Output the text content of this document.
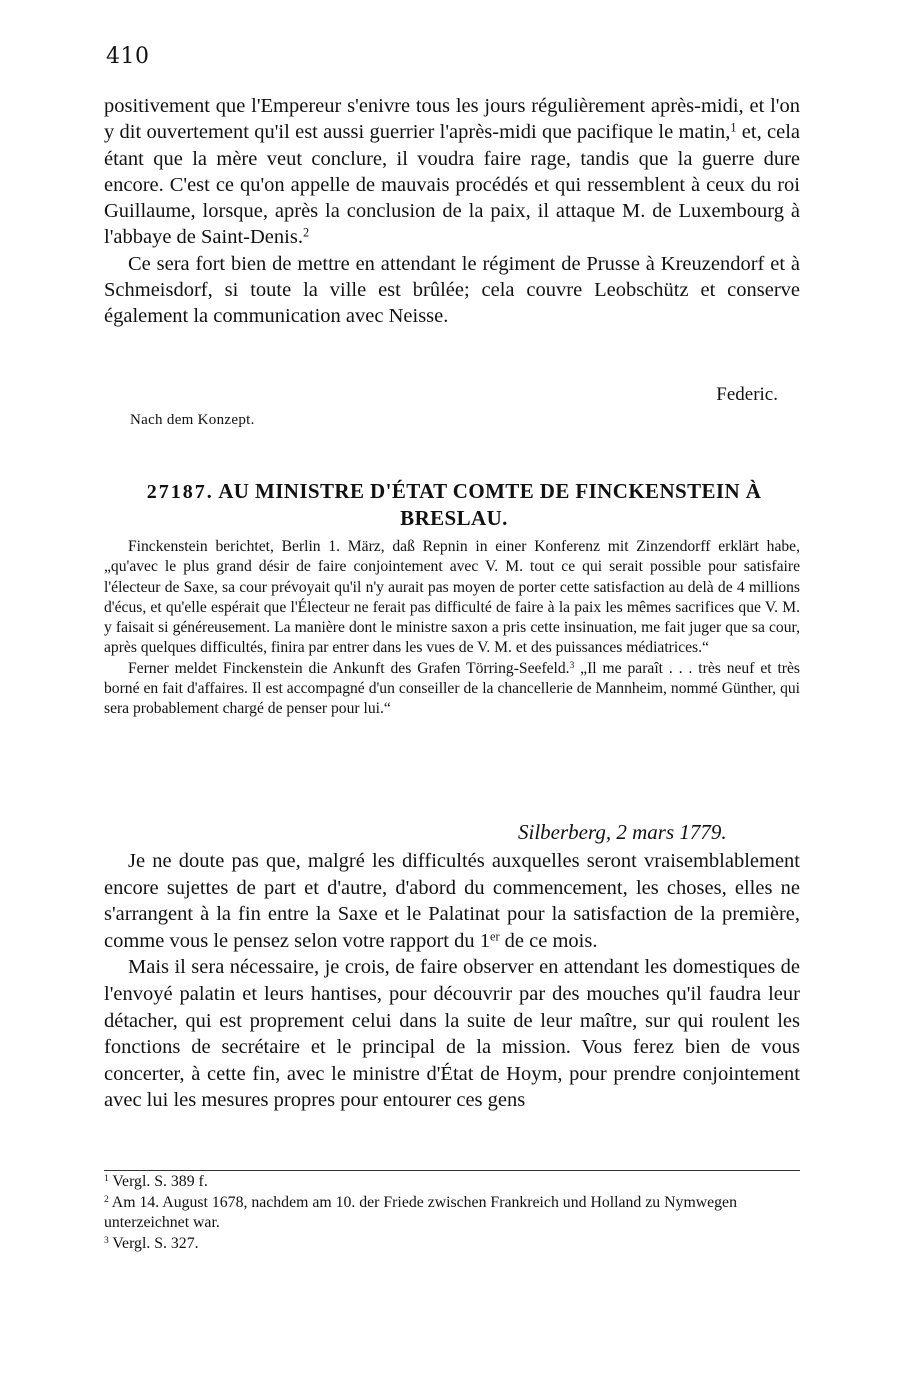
410

positivement que l'Empereur s'enivre tous les jours régulièrement après-midi, et l'on y dit ouvertement qu'il est aussi guerrier l'après-midi que pacifique le matin,$^1$ et, cela étant que la mère veut conclure, il voudra faire rage, tandis que la guerre dure encore. C'est ce qu'on appelle de mauvais procédés et qui ressemblent à ceux du roi Guillaume, lorsque, après la conclusion de la paix, il attaque M. de Luxembourg à l'abbaye de Saint-Denis.$^2$

Ce sera fort bien de mettre en attendant le régiment de Prusse à Kreuzendorf et à Schmeisdorf, si toute la ville est brûlée; cela couvre Leobschütz et conserve également la communication avec Neisse.

Federic.
Nach dem Konzept.
27187. AU MINISTRE D'ÉTAT COMTE DE FINCKENSTEIN À BRESLAU.

Finckenstein berichtet, Berlin 1. März, daß Repnin in einer Konferenz mit Zinzendorff erklärt habe, „qu'avec le plus grand désir de faire conjointement avec V. M. tout ce qui serait possible pour satisfaire l'électeur de Saxe, sa cour prévoyait qu'il n'y aurait pas moyen de porter cette satisfaction au delà de 4 millions d'écus, et qu'elle espérait que l'Électeur ne ferait pas difficulté de faire à la paix les mêmes sacrifices que V. M. y faisait si généreusement. La manière dont le ministre saxon a pris cette insinuation, me fait juger que sa cour, après quelques difficultés, finira par entrer dans les vues de V. M. et des puissances médiatrices.“

Ferner meldet Finckenstein die Ankunft des Grafen Törring-Seefeld.$^3$ „Il me paraît . . . très neuf et très borné en fait d'affaires. Il est accompagné d'un conseiller de la chancellerie de Mannheim, nommé Günther, qui sera probablement chargé de penser pour lui.“

Silberberg, 2 mars 1779.

Je ne doute pas que, malgré les difficultés auxquelles seront vraisemblablement encore sujettes de part et d'autre, d'abord du commencement, les choses, elles ne s'arrangent à la fin entre la Saxe et le Palatinat pour la satisfaction de la première, comme vous le pensez selon votre rapport du 1er de ce mois.

Mais il sera nécessaire, je crois, de faire observer en attendant les domestiques de l'envoyé palatin et leurs hantises, pour découvrir par des mouches qu'il faudra leur détacher, qui est proprement celui dans la suite de leur maître, sur qui roulent les fonctions de secrétaire et le principal de la mission. Vous ferez bien de vous concerter, à cette fin, avec le ministre d'État de Hoym, pour prendre conjointement avec lui les mesures propres pour entourer ces gens

$^1$ Vergl. S. 389 f.

$^2$ Am 14. August 1678, nachdem am 10. der Friede zwischen Frankreich und Holland zu Nymwegen unterzeichnet war.

$^3$ Vergl. S. 327.
